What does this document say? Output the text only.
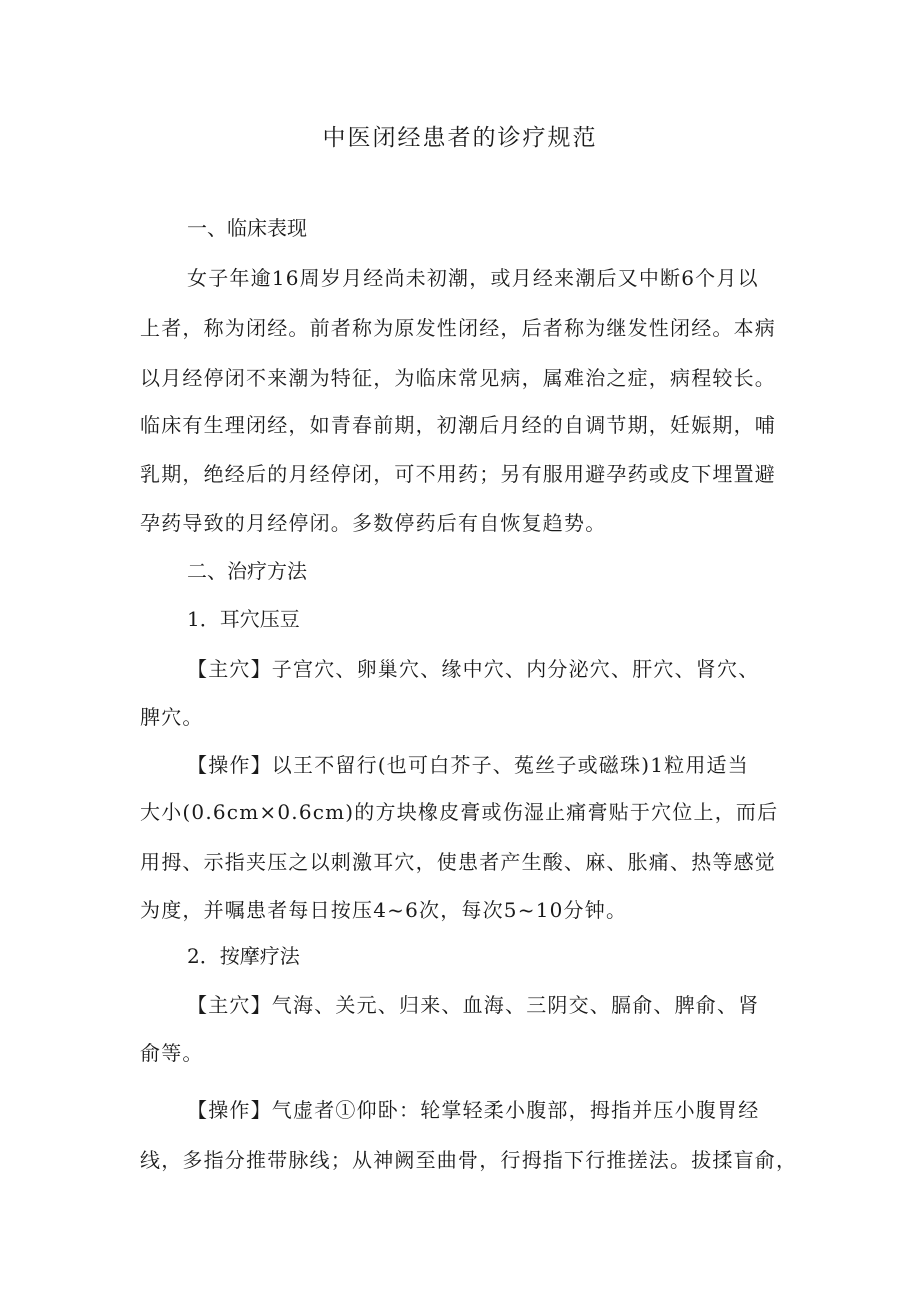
中医闭经患者的诊疗规范

一、临床表现

女子年逾16周岁月经尚未初潮，或月经来潮后又中断6个月以

上者，称为闭经。前者称为原发性闭经，后者称为继发性闭经。本病

以月经停闭不来潮为特征，为临床常见病，属难治之症，病程较长。

临床有生理闭经，如青春前期，初潮后月经的自调节期，妊娠期，哺

乳期，绝经后的月经停闭，可不用药；另有服用避孕药或皮下埋置避

孕药导致的月经停闭。多数停药后有自恢复趋势。

二、治疗方法

1．耳穴压豆

【主穴】子宫穴、卵巢穴、缘中穴、内分泌穴、肝穴、肾穴、

脾穴。

【操作】以王不留行(也可白芥子、菟丝子或磁珠)1粒用适当

大小(0.6cm×0.6cm)的方块橡皮膏或伤湿止痛膏贴于穴位上，而后

用拇、示指夹压之以刺激耳穴，使患者产生酸、麻、胀痛、热等感觉

为度，并嘱患者每日按压4~6次，每次5~10分钟。

2．按摩疗法

【主穴】气海、关元、归来、血海、三阴交、膈俞、脾俞、肾

俞等。

【操作】气虚者①仰卧：轮掌轻柔小腹部，拇指并压小腹胃经

线，多指分推带脉线；从神阙至曲骨，行拇指下行推搓法。拔揉盲俞，
